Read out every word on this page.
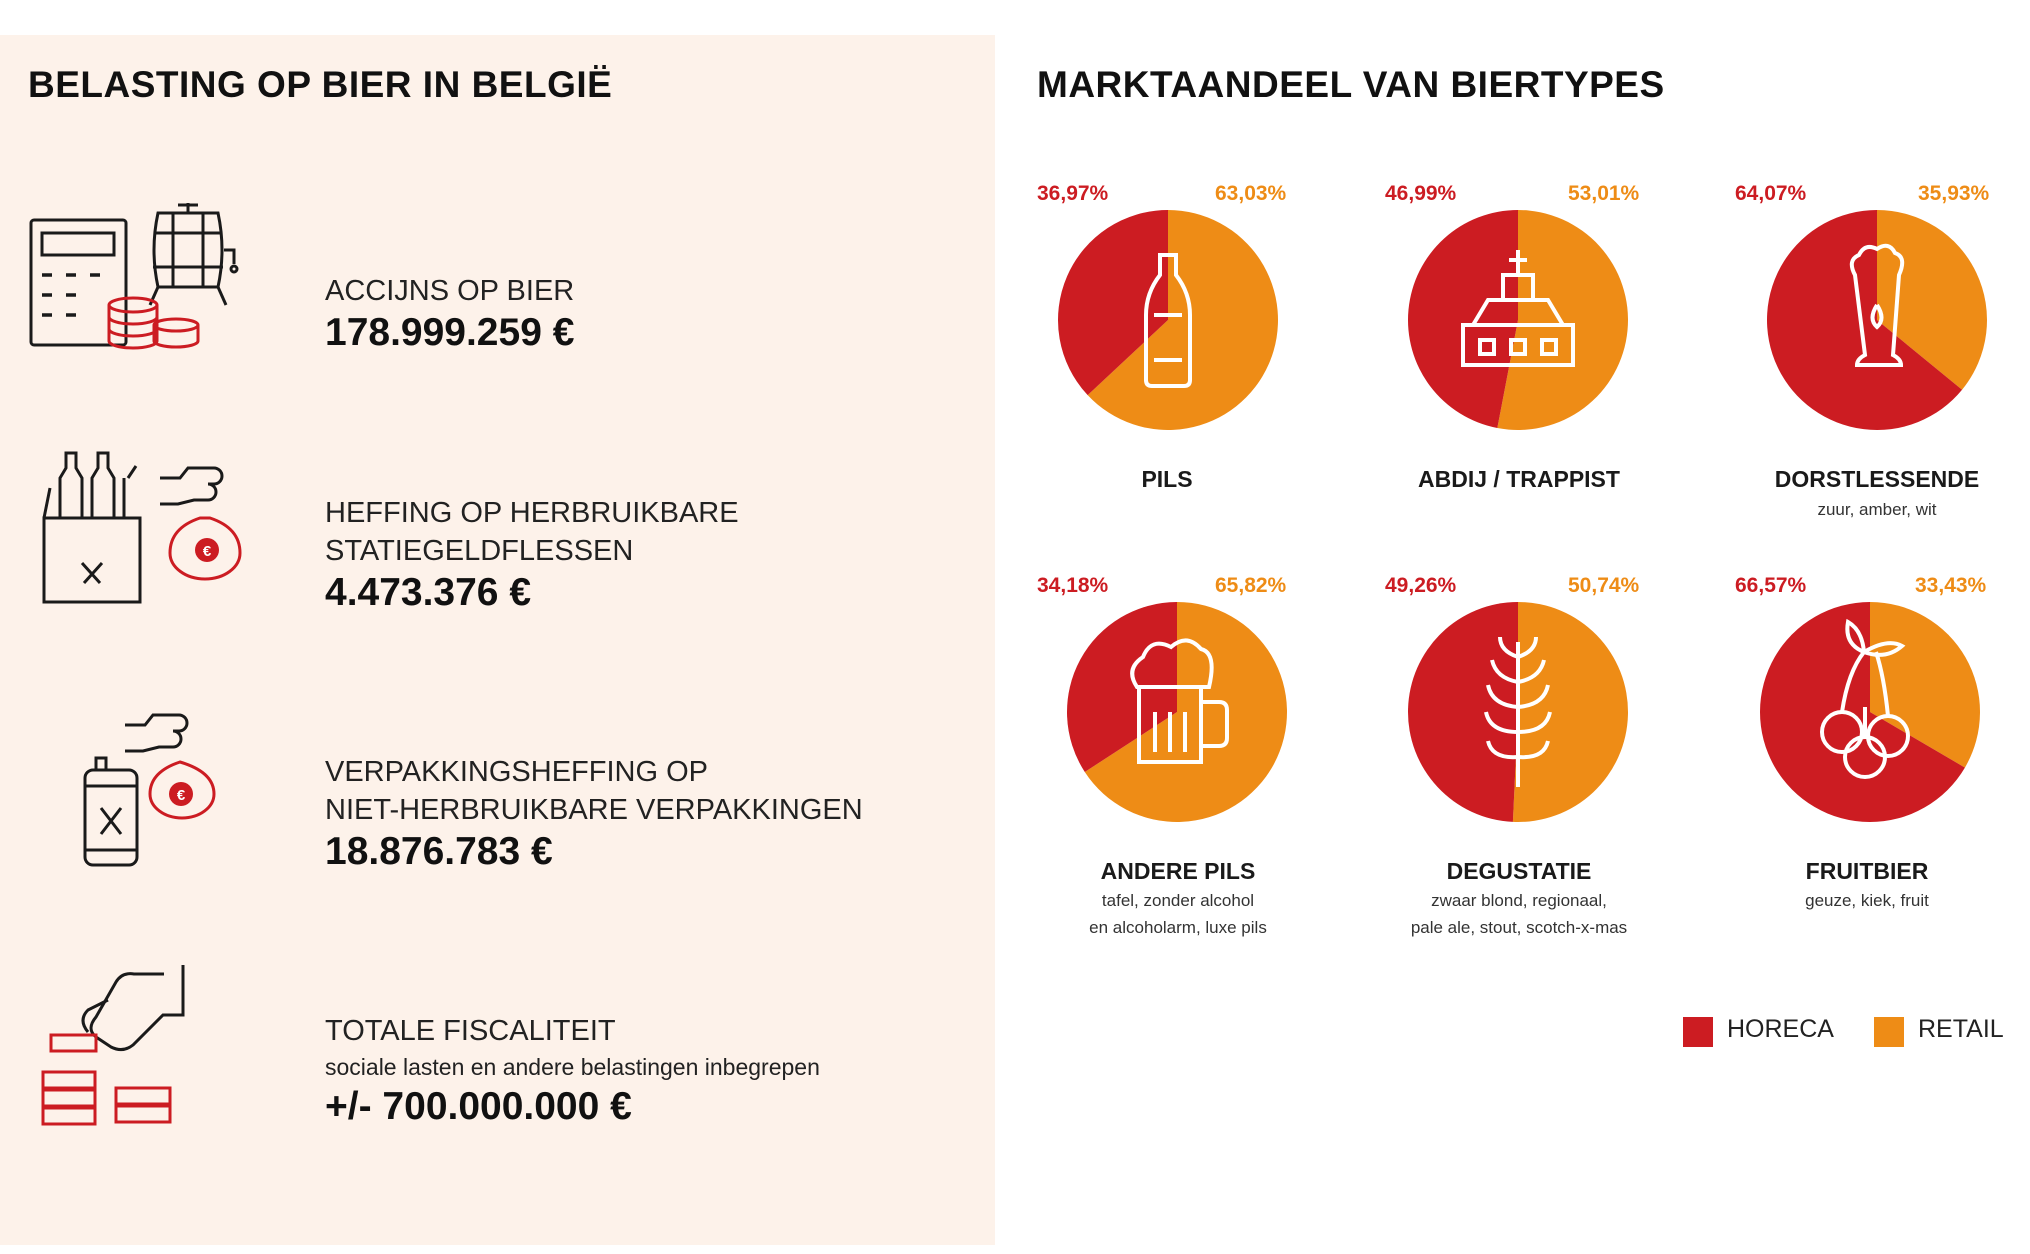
BELASTING OP BIER IN BELGIË
€
€
ACCIJNS OP BIER
178.999.259 €
HEFFING OP HERBRUIKBARE
STATIEGELDFLESSEN
4.473.376 €
VERPAKKINGSHEFFING OP
NIET-HERBRUIKBARE VERPAKKINGEN
18.876.783 €
TOTALE FISCALITEIT
sociale lasten en andere belastingen inbegrepen
+/- 700.000.000 €
MARKTAANDEEL VAN BIERTYPES
36,97%	63,03%	46,99%	53,01%	64,07%	35,93%
34,18%	65,82%	49,26%	50,74%	66,57%	33,43%
PILS	ABDIJ / TRAPPIST	DORSTLESSENDE
zuur, amber, wit
ANDERE PILS
tafel, zonder alcohol
en alcoholarm, luxe pils
DEGUSTATIE
zwaar blond, regionaal,
pale ale, stout, scotch-x-mas
FRUITBIER
geuze, kiek, fruit
HORECA	RETAIL
